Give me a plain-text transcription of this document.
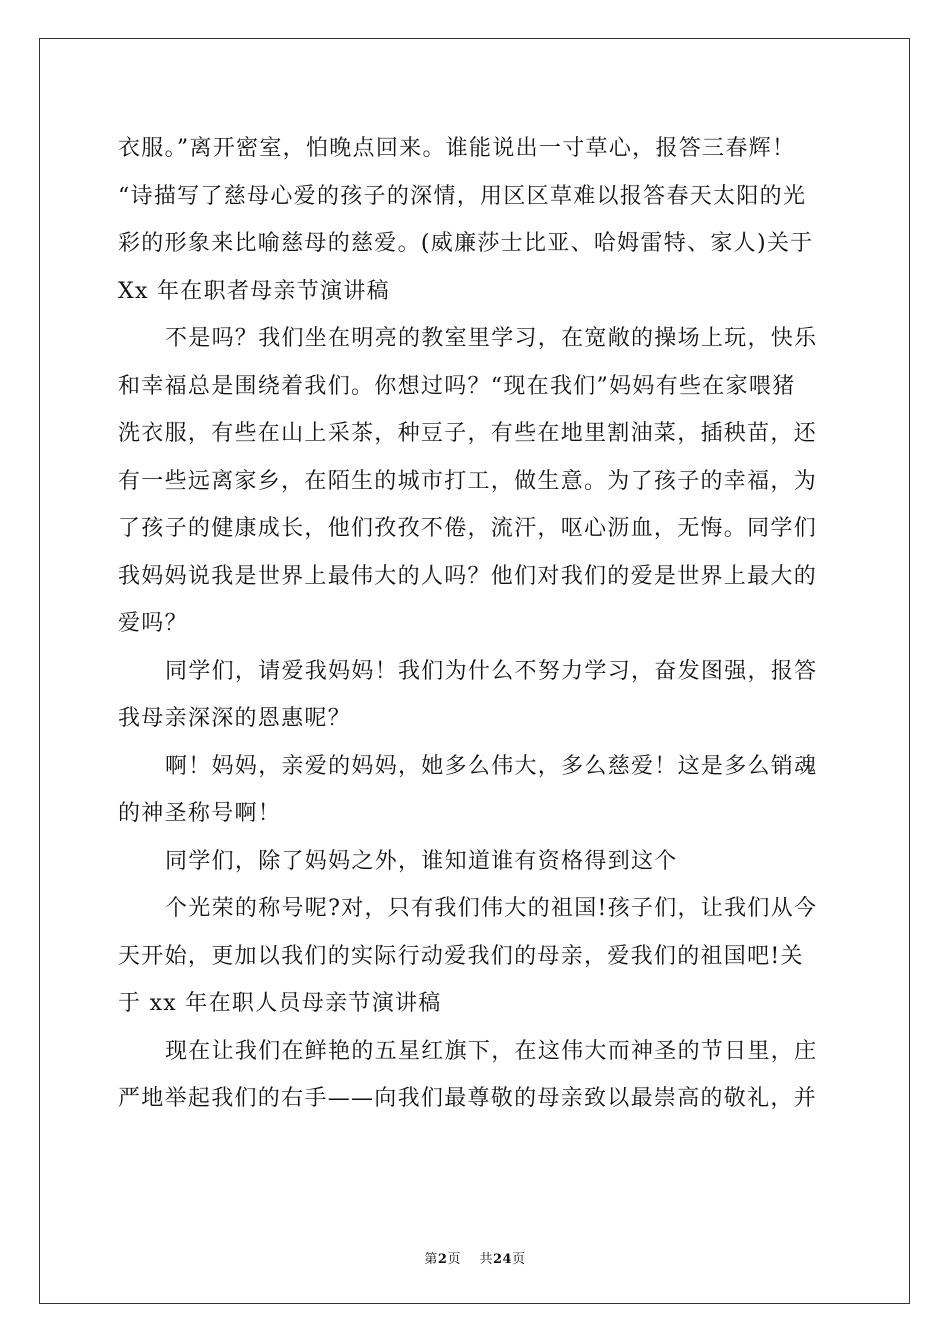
衣服。”离开密室，怕晚点回来。谁能说出一寸草心，报答三春辉！

“诗描写了慈母心爱的孩子的深情，用区区草难以报答春天太阳的光

彩的形象来比喻慈母的慈爱。(威廉莎士比亚、哈姆雷特、家人)关于

Xx 年在职者母亲节演讲稿

不是吗？我们坐在明亮的教室里学习，在宽敞的操场上玩，快乐

和幸福总是围绕着我们。你想过吗？“现在我们”妈妈有些在家喂猪

洗衣服，有些在山上采茶，种豆子，有些在地里割油菜，插秧苗，还

有一些远离家乡，在陌生的城市打工，做生意。为了孩子的幸福，为

了孩子的健康成长，他们孜孜不倦，流汗，呕心沥血，无悔。同学们

我妈妈说我是世界上最伟大的人吗？他们对我们的爱是世界上最大的

爱吗？

同学们，请爱我妈妈！我们为什么不努力学习，奋发图强，报答

我母亲深深的恩惠呢？

啊！妈妈，亲爱的妈妈，她多么伟大，多么慈爱！这是多么销魂

的神圣称号啊！

同学们，除了妈妈之外，谁知道谁有资格得到这个

个光荣的称号呢?对，只有我们伟大的祖国!孩子们，让我们从今

天开始，更加以我们的实际行动爱我们的母亲，爱我们的祖国吧!关

于 xx 年在职人员母亲节演讲稿

现在让我们在鲜艳的五星红旗下，在这伟大而神圣的节日里，庄

严地举起我们的右手——向我们最尊敬的母亲致以最崇高的敬礼，并

第2页 共24页
